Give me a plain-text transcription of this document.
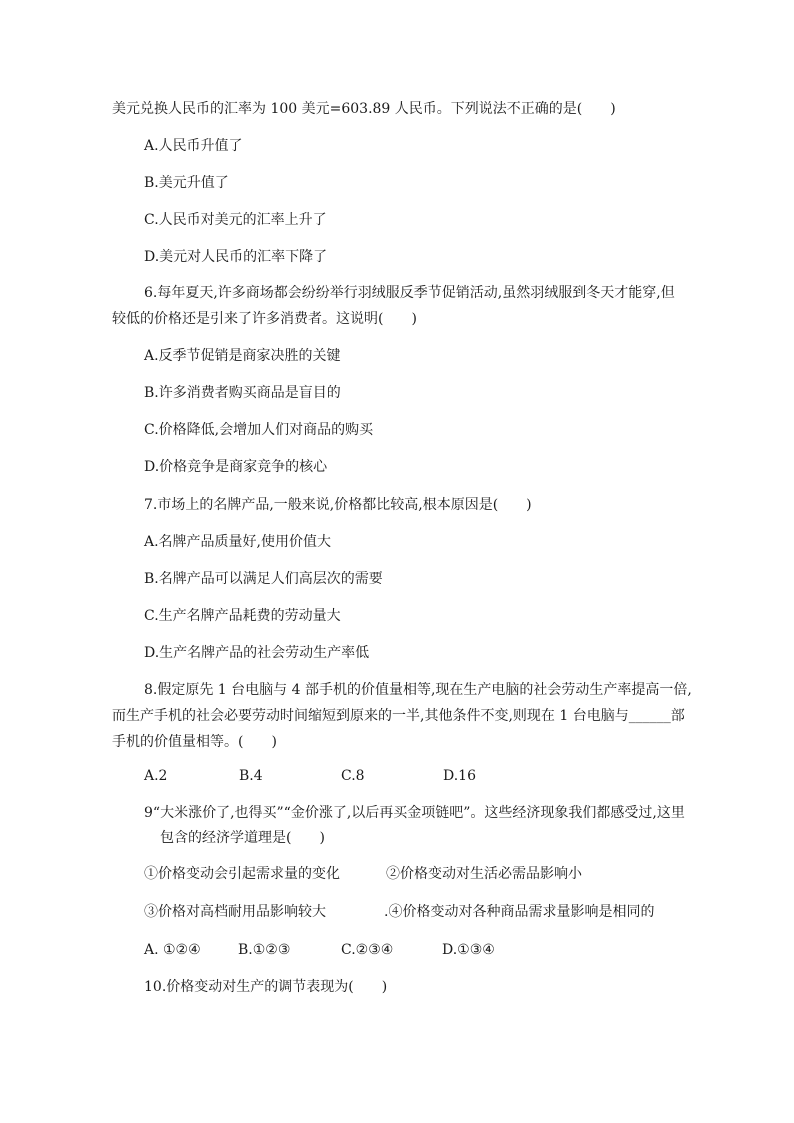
美元兑换人民币的汇率为 100 美元=603.89 人民币。下列说法不正确的是(　　)
A.人民币升值了
B.美元升值了
C.人民币对美元的汇率上升了
D.美元对人民币的汇率下降了
6.每年夏天,许多商场都会纷纷举行羽绒服反季节促销活动,虽然羽绒服到冬天才能穿,但
较低的价格还是引来了许多消费者。这说明(　　)
A.反季节促销是商家决胜的关键
B.许多消费者购买商品是盲目的
C.价格降低,会增加人们对商品的购买
D.价格竞争是商家竞争的核心
7.市场上的名牌产品,一般来说,价格都比较高,根本原因是(　　)
A.名牌产品质量好,使用价值大
B.名牌产品可以满足人们高层次的需要
C.生产名牌产品耗费的劳动量大
D.生产名牌产品的社会劳动生产率低
8.假定原先 1 台电脑与 4 部手机的价值量相等,现在生产电脑的社会劳动生产率提高一倍,
而生产手机的社会必要劳动时间缩短到原来的一半,其他条件不变,则现在 1 台电脑与______部
手机的价值量相等。(　　)
A.2	B.4	C.8	D.16
9“大米涨价了,也得买”“金价涨了,以后再买金项链吧”。这些经济现象我们都感受过,这里
包含的经济学道理是(　　)
①价格变动会引起需求量的变化	②价格变动对生活必需品影响小
③价格对高档耐用品影响较大	.④价格变动对各种商品需求量影响是相同的
A. ①②④	B.①②③	C.②③④	D.①③④
10.价格变动对生产的调节表现为(　　)
